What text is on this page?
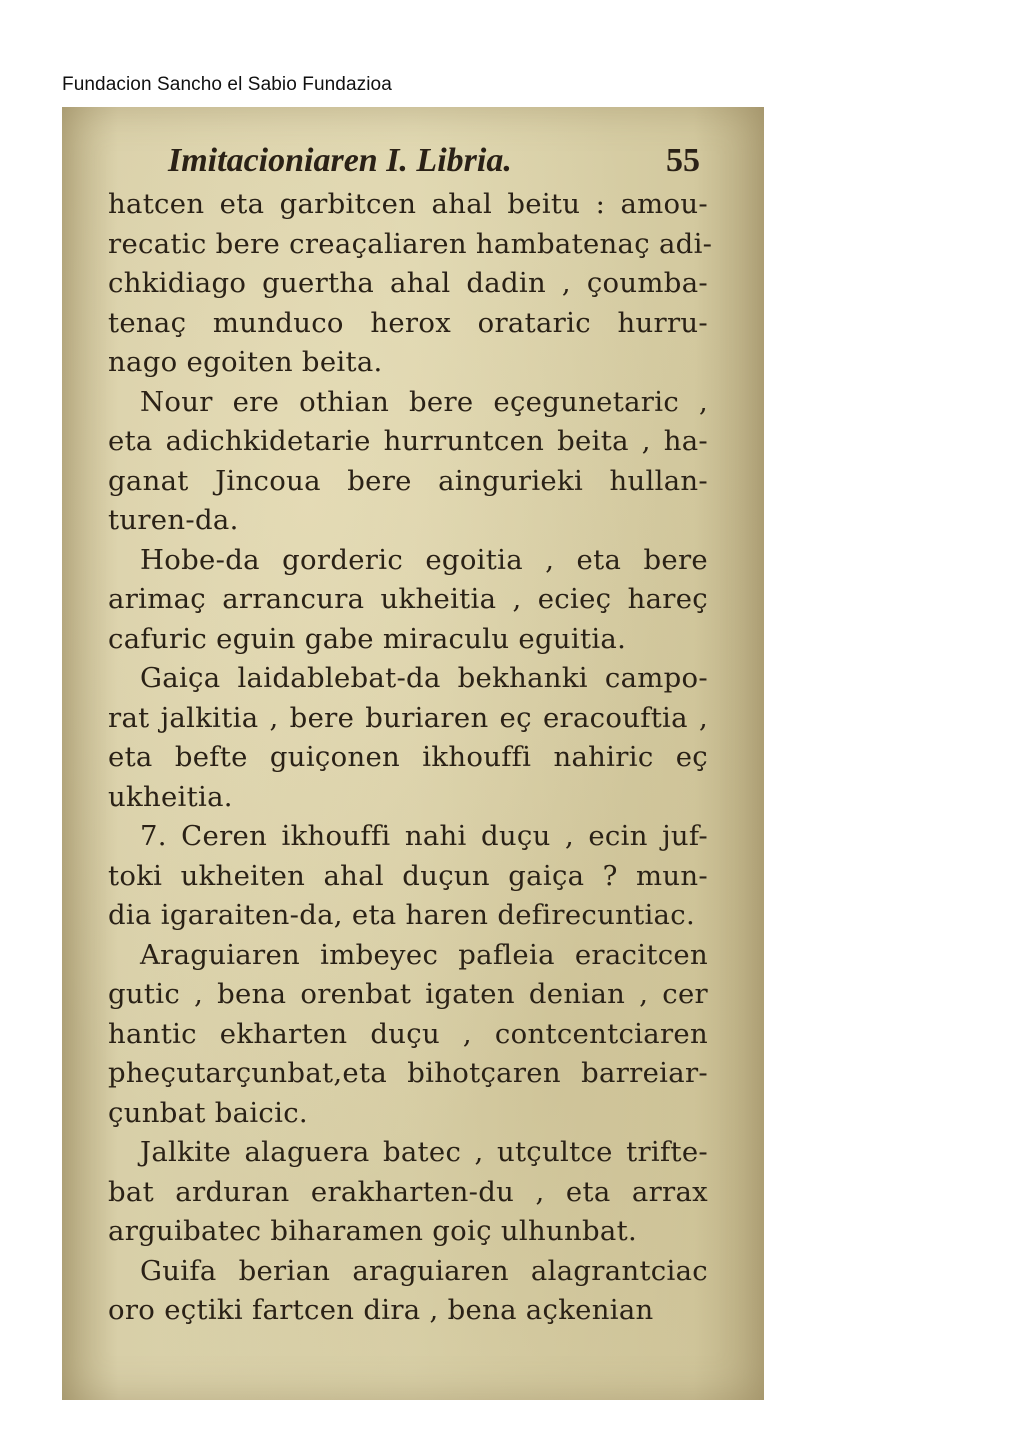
Fundacion Sancho el Sabio Fundazioa
Imitacioniaren I. Libria.	55
hatcen eta garbitcen ahal beitu : amou-
recatic bere creaçaliaren hambatenaç adi-
chkidiago guertha ahal dadin , çoumba-
tenaç munduco herox orataric hurru-
nago egoiten beita.
Nour ere othian bere eçegunetaric ,
eta adichkidetarie hurruntcen beita , ha-
ganat Jincoua bere aingurieki hullan-
turen-da.
Hobe-da gorderic egoitia , eta bere
arimaç arrancura ukheitia , ecieç hareç
cafuric eguin gabe miraculu eguitia.
Gaiça laidablebat-da bekhanki campo-
rat jalkitia , bere buriaren eç eracouftia ,
eta befte guiçonen ikhouffi nahiric eç
ukheitia.
7. Ceren ikhouffi nahi duçu , ecin juf-
toki ukheiten ahal duçun gaiça ? mun-
dia igaraiten-da, eta haren defirecuntiac.
Araguiaren imbeyec pafleia eracitcen
gutic , bena orenbat igaten denian , cer
hantic ekharten duçu , contcentciaren
pheçutarçunbat,eta bihotçaren barreiar-
çunbat baicic.
Jalkite alaguera batec , utçultce trifte-
bat arduran erakharten-du , eta arrax
arguibatec biharamen goiç ulhunbat.
Guifa berian araguiaren alagrantciac
oro eçtiki fartcen dira , bena açkenian
